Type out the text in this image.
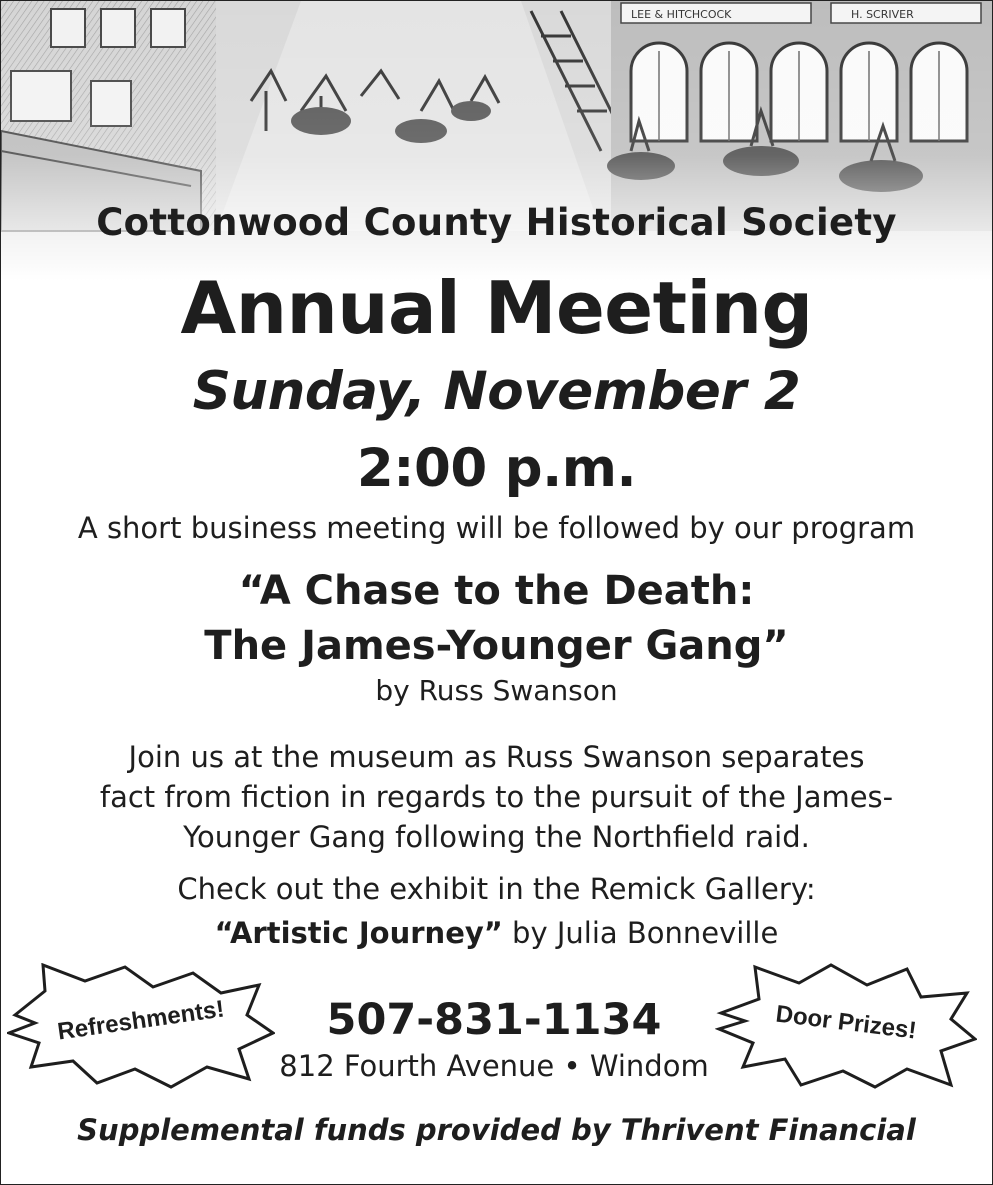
Cottonwood County Historical Society
Annual Meeting
Sunday, November 2
2:00 p.m.
A short business meeting will be followed by our program
“A Chase to the Death:
The James-Younger Gang”
by Russ Swanson
Join us at the museum as Russ Swanson separates
fact from fiction in regards to the pursuit of the James-
Younger Gang following the Northfield raid.
Check out the exhibit in the Remick Gallery:
“Artistic Journey” by Julia Bonneville
Refreshments!	Door Prizes!
507-831-1134
812 Fourth Avenue • Windom
Supplemental funds provided by Thrivent Financial
